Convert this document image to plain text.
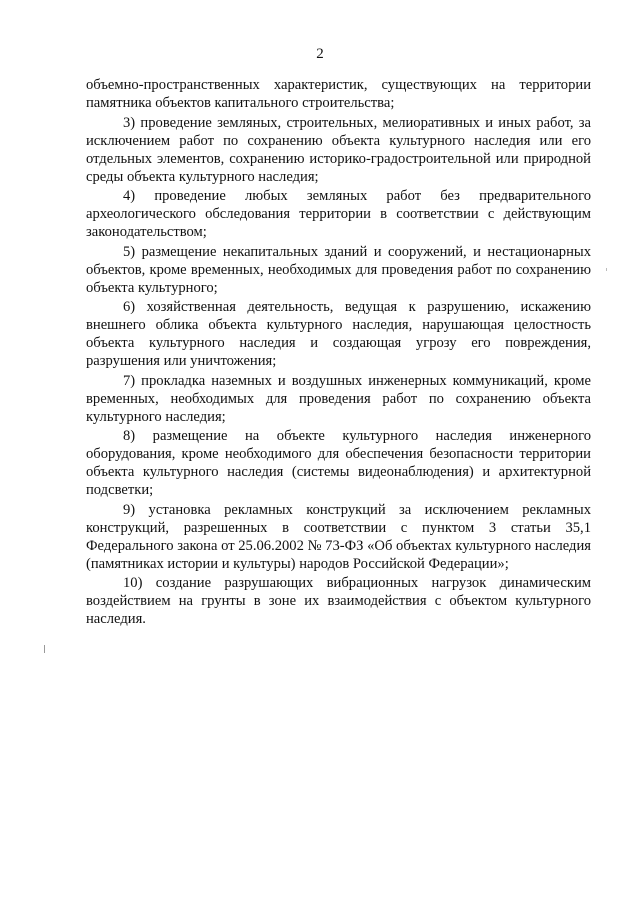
2

объемно-пространственных характеристик, существующих на территории памятника объектов капитального строительства;

3) проведение земляных, строительных, мелиоративных и иных работ, за исключением работ по сохранению объекта культурного наследия или его отдельных элементов, сохранению историко-градостроительной или природной среды объекта культурного наследия;

4) проведение любых земляных работ без предварительного археологического обследования территории в соответствии с действующим законодательством;

5) размещение некапитальных зданий и сооружений, и нестационарных объектов, кроме временных, необходимых для проведения работ по сохранению объекта культурного;

6) хозяйственная деятельность, ведущая к разрушению, искажению внешнего облика объекта культурного наследия, нарушающая целостность объекта культурного наследия и создающая угрозу его повреждения, разрушения или уничтожения;

7) прокладка наземных и воздушных инженерных коммуникаций, кроме временных, необходимых для проведения работ по сохранению объекта культурного наследия;

8) размещение на объекте культурного наследия инженерного оборудования, кроме необходимого для обеспечения безопасности территории объекта культурного наследия (системы видеонаблюдения) и архитектурной подсветки;

9) установка рекламных конструкций за исключением рекламных конструкций, разрешенных в соответствии с пунктом 3 статьи 35,1 Федерального закона от 25.06.2002 № 73-ФЗ «Об объектах культурного наследия (памятниках истории и культуры) народов Российской Федерации»;

10) создание разрушающих вибрационных нагрузок динамическим воздействием на грунты в зоне их взаимодействия с объектом культурного наследия.
